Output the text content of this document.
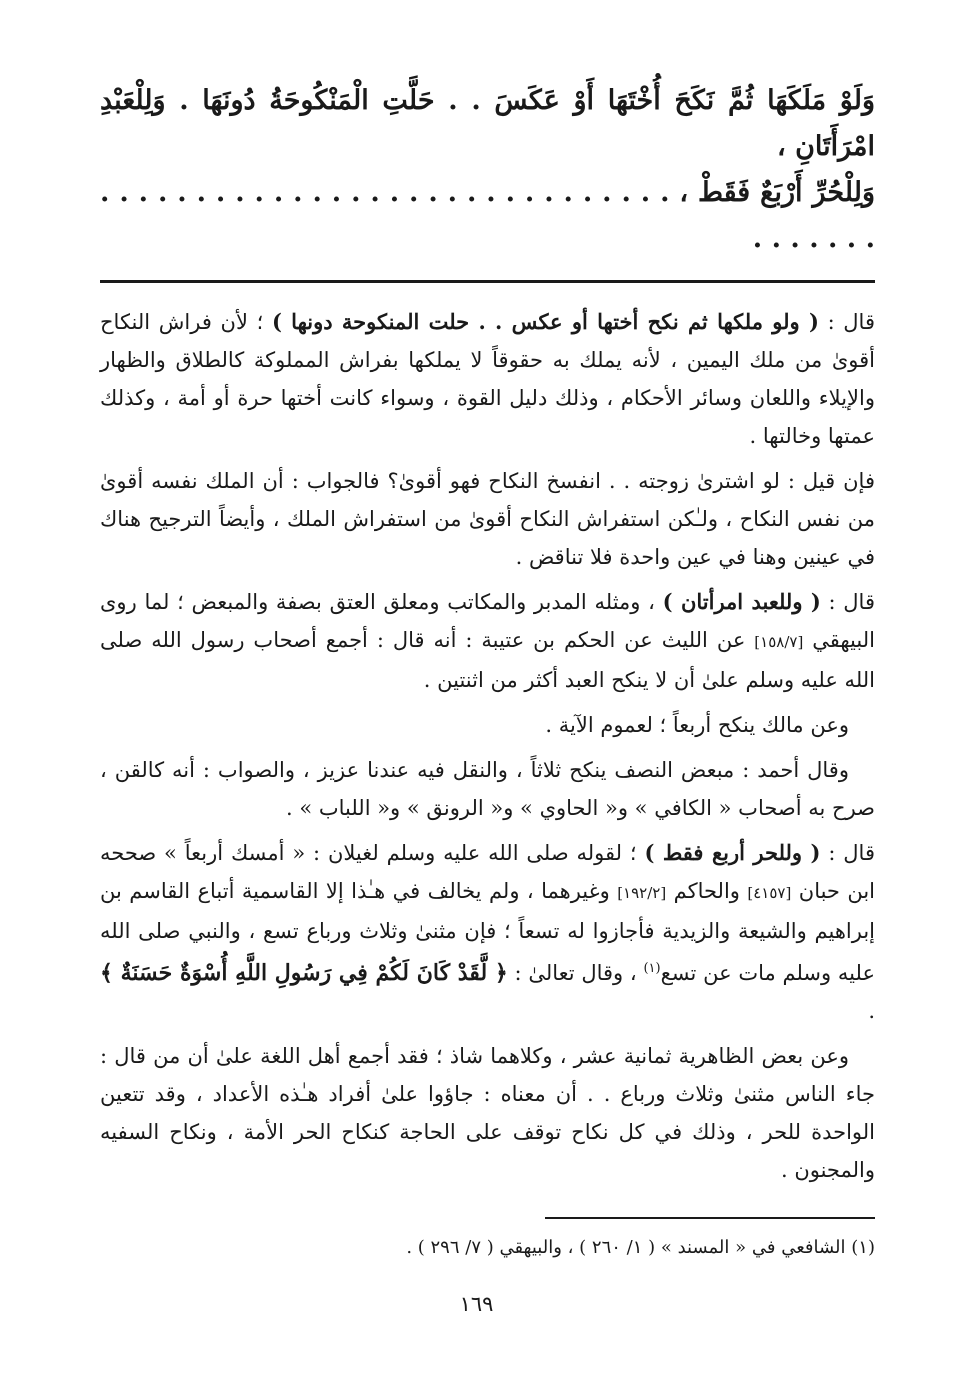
وَلَوْ مَلَكَهَا ثُمَّ نَكَحَ أُخْتَهَا أَوْ عَكَسَ . . حَلَّتِ الْمَنْكُوحَةُ دُونَهَا . وَلِلْعَبْدِ امْرَأَتَانِ ،
وَلِلْحُرِّ أَرْبَعٌ فَقَطْ ، . . . . . . . . . . . . . . . . . . . . . . . . . . . . . . . . . . . . .

قال : ( ولو ملكها ثم نكح أختها أو عكس . . حلت المنكوحة دونها ) ؛ لأن فراش النكاح أقوىٰ من ملك اليمين ، لأنه يملك به حقوقاً لا يملكها بفراش المملوكة كالطلاق والظهار والإيلاء واللعان وسائر الأحكام ، وذلك دليل القوة ، وسواء كانت أختها حرة أو أمة ، وكذلك عمتها وخالتها .

فإن قيل : لو اشترىٰ زوجته . . انفسخ النكاح فهو أقوىٰ؟ فالجواب : أن الملك نفسه أقوىٰ من نفس النكاح ، ولـٰكن استفراش النكاح أقوىٰ من استفراش الملك ، وأيضاً الترجيح هناك في عينين وهنا في عين واحدة فلا تناقض .

قال : ( وللعبد امرأتان ) ، ومثله المدبر والمكاتب ومعلق العتق بصفة والمبعض ؛ لما روى البيهقي [١٥٨/٧] عن الليث عن الحكم بن عتيبة : أنه قال : أجمع أصحاب رسول الله صلى الله عليه وسلم علىٰ أن لا ينكح العبد أكثر من اثنتين .

وعن مالك ينكح أربعاً ؛ لعموم الآية .

وقال أحمد : مبعض النصف ينكح ثلاثاً ، والنقل فيه عندنا عزيز ، والصواب : أنه كالقن ، صرح به أصحاب « الكافي » و« الحاوي » و« الرونق » و« اللباب » .

قال : ( وللحر أربع فقط ) ؛ لقوله صلى الله عليه وسلم لغيلان : « أمسك أربعاً » صححه ابن حبان [٤١٥٧] والحاكم [١٩٢/٢] وغيرهما ، ولم يخالف في هـٰذا إلا القاسمية أتباع القاسم بن إبراهيم والشيعة والزيدية فأجازوا له تسعاً ؛ فإن مثنىٰ وثلاث ورباع تسع ، والنبي صلى الله عليه وسلم مات عن تسع$^{(١)}$ ، وقال تعالىٰ : ﴿ لَّقَدْ كَانَ لَكُمْ فِي رَسُولِ اللَّهِ أُسْوَةٌ حَسَنَةٌ ﴾ .

وعن بعض الظاهرية ثمانية عشر ، وكلاهما شاذ ؛ فقد أجمع أهل اللغة علىٰ أن من قال : جاء الناس مثنىٰ وثلاث ورباع . . أن معناه : جاؤوا علىٰ أفراد هـٰذه الأعداد ، وقد تتعين الواحدة للحر ، وذلك في كل نكاح توقف على الحاجة كنكاح الحر الأمة ، ونكاح السفيه والمجنون .

(١) الشافعي في « المسند » ( ١/ ٢٦٠ ) ، والبيهقي ( ٧/ ٢٩٦ ) .
١٦٩
